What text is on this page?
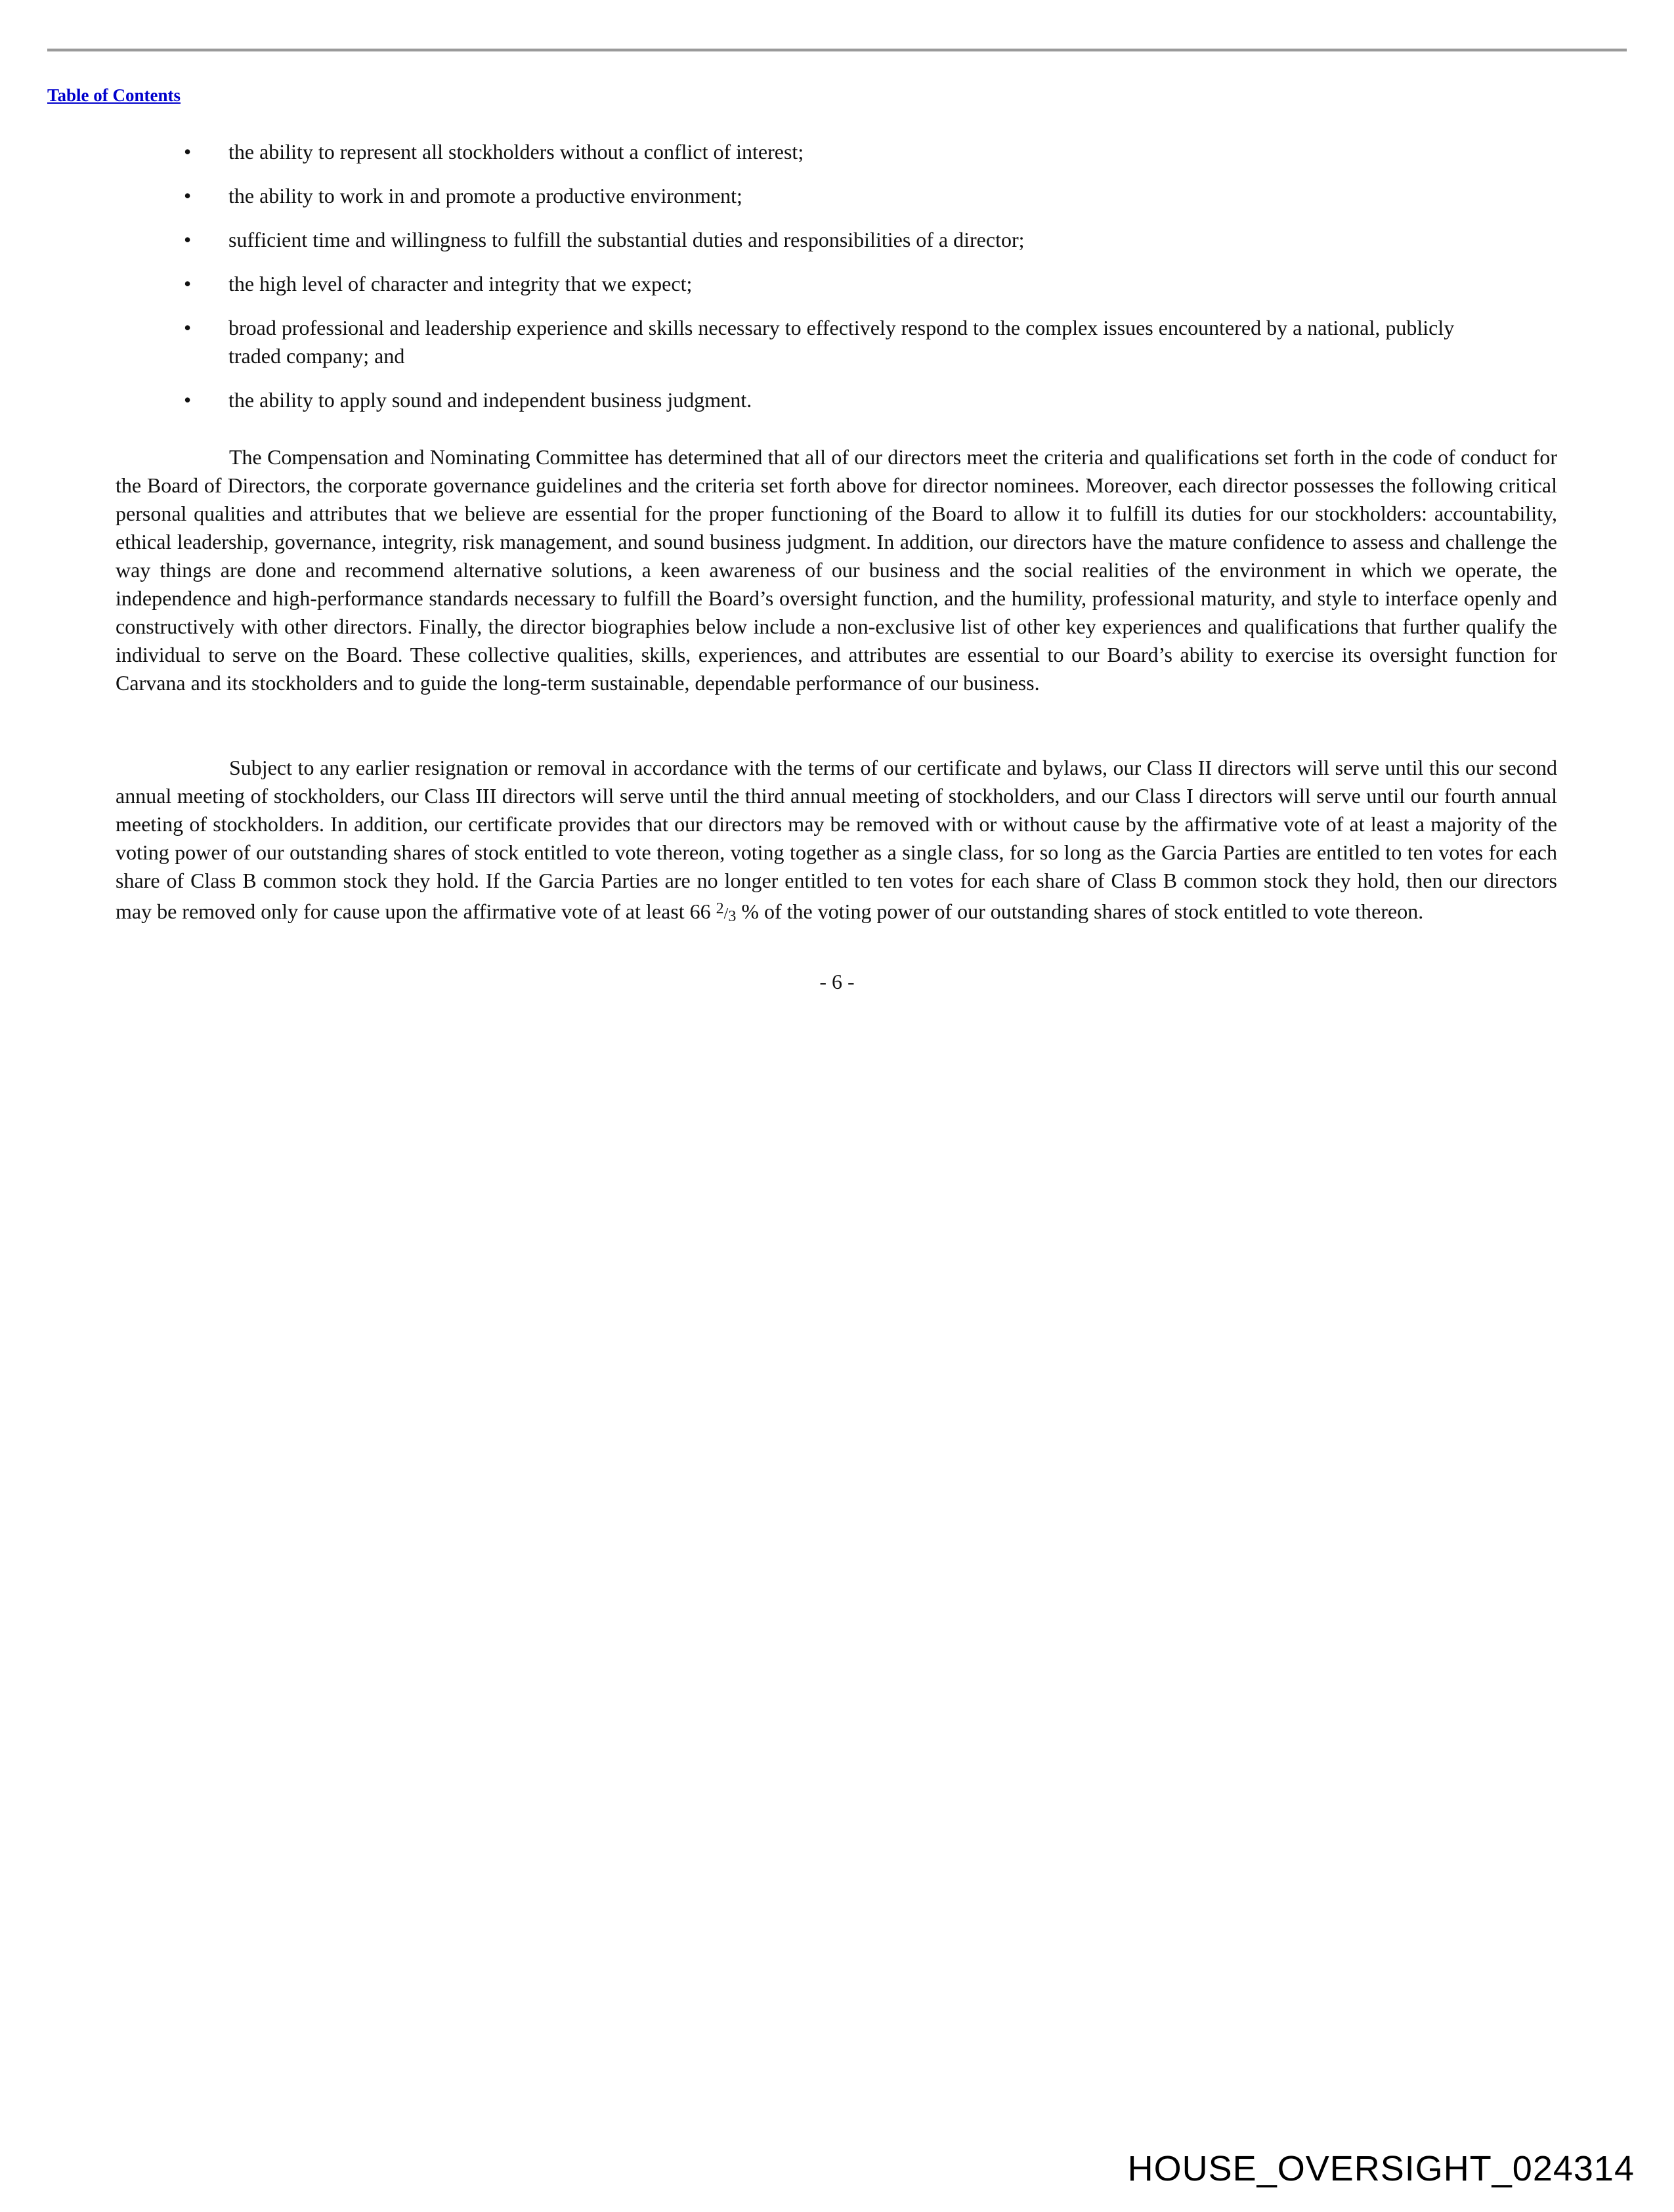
Table of Contents
• the ability to represent all stockholders without a conflict of interest;
• the ability to work in and promote a productive environment;
• sufficient time and willingness to fulfill the substantial duties and responsibilities of a director;
• the high level of character and integrity that we expect;
• broad professional and leadership experience and skills necessary to effectively respond to the complex issues encountered by a national, publicly traded company; and
• the ability to apply sound and independent business judgment.

The Compensation and Nominating Committee has determined that all of our directors meet the criteria and qualifications set forth in the code of conduct for the Board of Directors, the corporate governance guidelines and the criteria set forth above for director nominees. Moreover, each director possesses the following critical personal qualities and attributes that we believe are essential for the proper functioning of the Board to allow it to fulfill its duties for our stockholders: accountability, ethical leadership, governance, integrity, risk management, and sound business judgment. In addition, our directors have the mature confidence to assess and challenge the way things are done and recommend alternative solutions, a keen awareness of our business and the social realities of the environment in which we operate, the independence and high-performance standards necessary to fulfill the Board’s oversight function, and the humility, professional maturity, and style to interface openly and constructively with other directors. Finally, the director biographies below include a non-exclusive list of other key experiences and qualifications that further qualify the individual to serve on the Board. These collective qualities, skills, experiences, and attributes are essential to our Board’s ability to exercise its oversight function for Carvana and its stockholders and to guide the long-term sustainable, dependable performance of our business.

Subject to any earlier resignation or removal in accordance with the terms of our certificate and bylaws, our Class II directors will serve until this our second annual meeting of stockholders, our Class III directors will serve until the third annual meeting of stockholders, and our Class I directors will serve until our fourth annual meeting of stockholders. In addition, our certificate provides that our directors may be removed with or without cause by the affirmative vote of at least a majority of the voting power of our outstanding shares of stock entitled to vote thereon, voting together as a single class, for so long as the Garcia Parties are entitled to ten votes for each share of Class B common stock they hold. If the Garcia Parties are no longer entitled to ten votes for each share of Class B common stock they hold, then our directors may be removed only for cause upon the affirmative vote of at least 66 $^2/_3$ % of the voting power of our outstanding shares of stock entitled to vote thereon.

- 6 -
HOUSE_OVERSIGHT_024314
